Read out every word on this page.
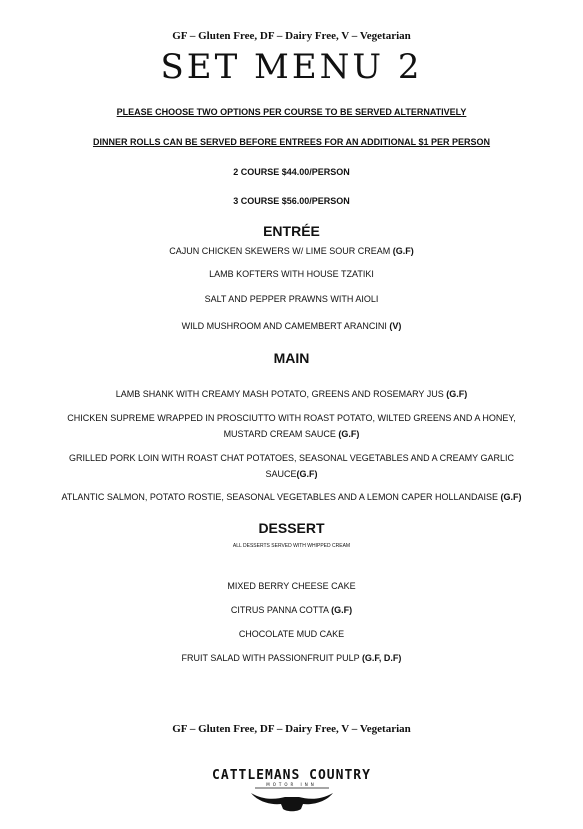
GF – Gluten Free, DF – Dairy Free, V – Vegetarian
SET MENU 2
PLEASE CHOOSE TWO OPTIONS PER COURSE TO BE SERVED ALTERNATIVELY
DINNER ROLLS CAN BE SERVED BEFORE ENTREES FOR AN ADDITIONAL $1 PER PERSON
2 COURSE $44.00/PERSON
3 COURSE $56.00/PERSON
ENTRÉE
CAJUN CHICKEN SKEWERS W/ LIME SOUR CREAM (G.F)
LAMB KOFTERS WITH HOUSE TZATIKI
SALT AND PEPPER PRAWNS WITH AIOLI
WILD MUSHROOM AND CAMEMBERT ARANCINI (V)
MAIN
LAMB SHANK WITH CREAMY MASH POTATO, GREENS AND ROSEMARY JUS (G.F)
CHICKEN SUPREME WRAPPED IN PROSCIUTTO WITH ROAST POTATO, WILTED GREENS AND A HONEY,
MUSTARD CREAM SAUCE (G.F)
GRILLED PORK LOIN WITH ROAST CHAT POTATOES, SEASONAL VEGETABLES AND A CREAMY GARLIC
SAUCE(G.F)
ATLANTIC SALMON, POTATO ROSTIE, SEASONAL VEGETABLES AND A LEMON CAPER HOLLANDAISE (G.F)
DESSERT
ALL DESSERTS SERVED WITH WHIPPED CREAM
MIXED BERRY CHEESE CAKE
CITRUS PANNA COTTA (G.F)
CHOCOLATE MUD CAKE
FRUIT SALAD WITH PASSIONFRUIT PULP (G.F, D.F)
GF – Gluten Free, DF – Dairy Free, V – Vegetarian
CATTLEMANS COUNTRY
MOTOR INN
